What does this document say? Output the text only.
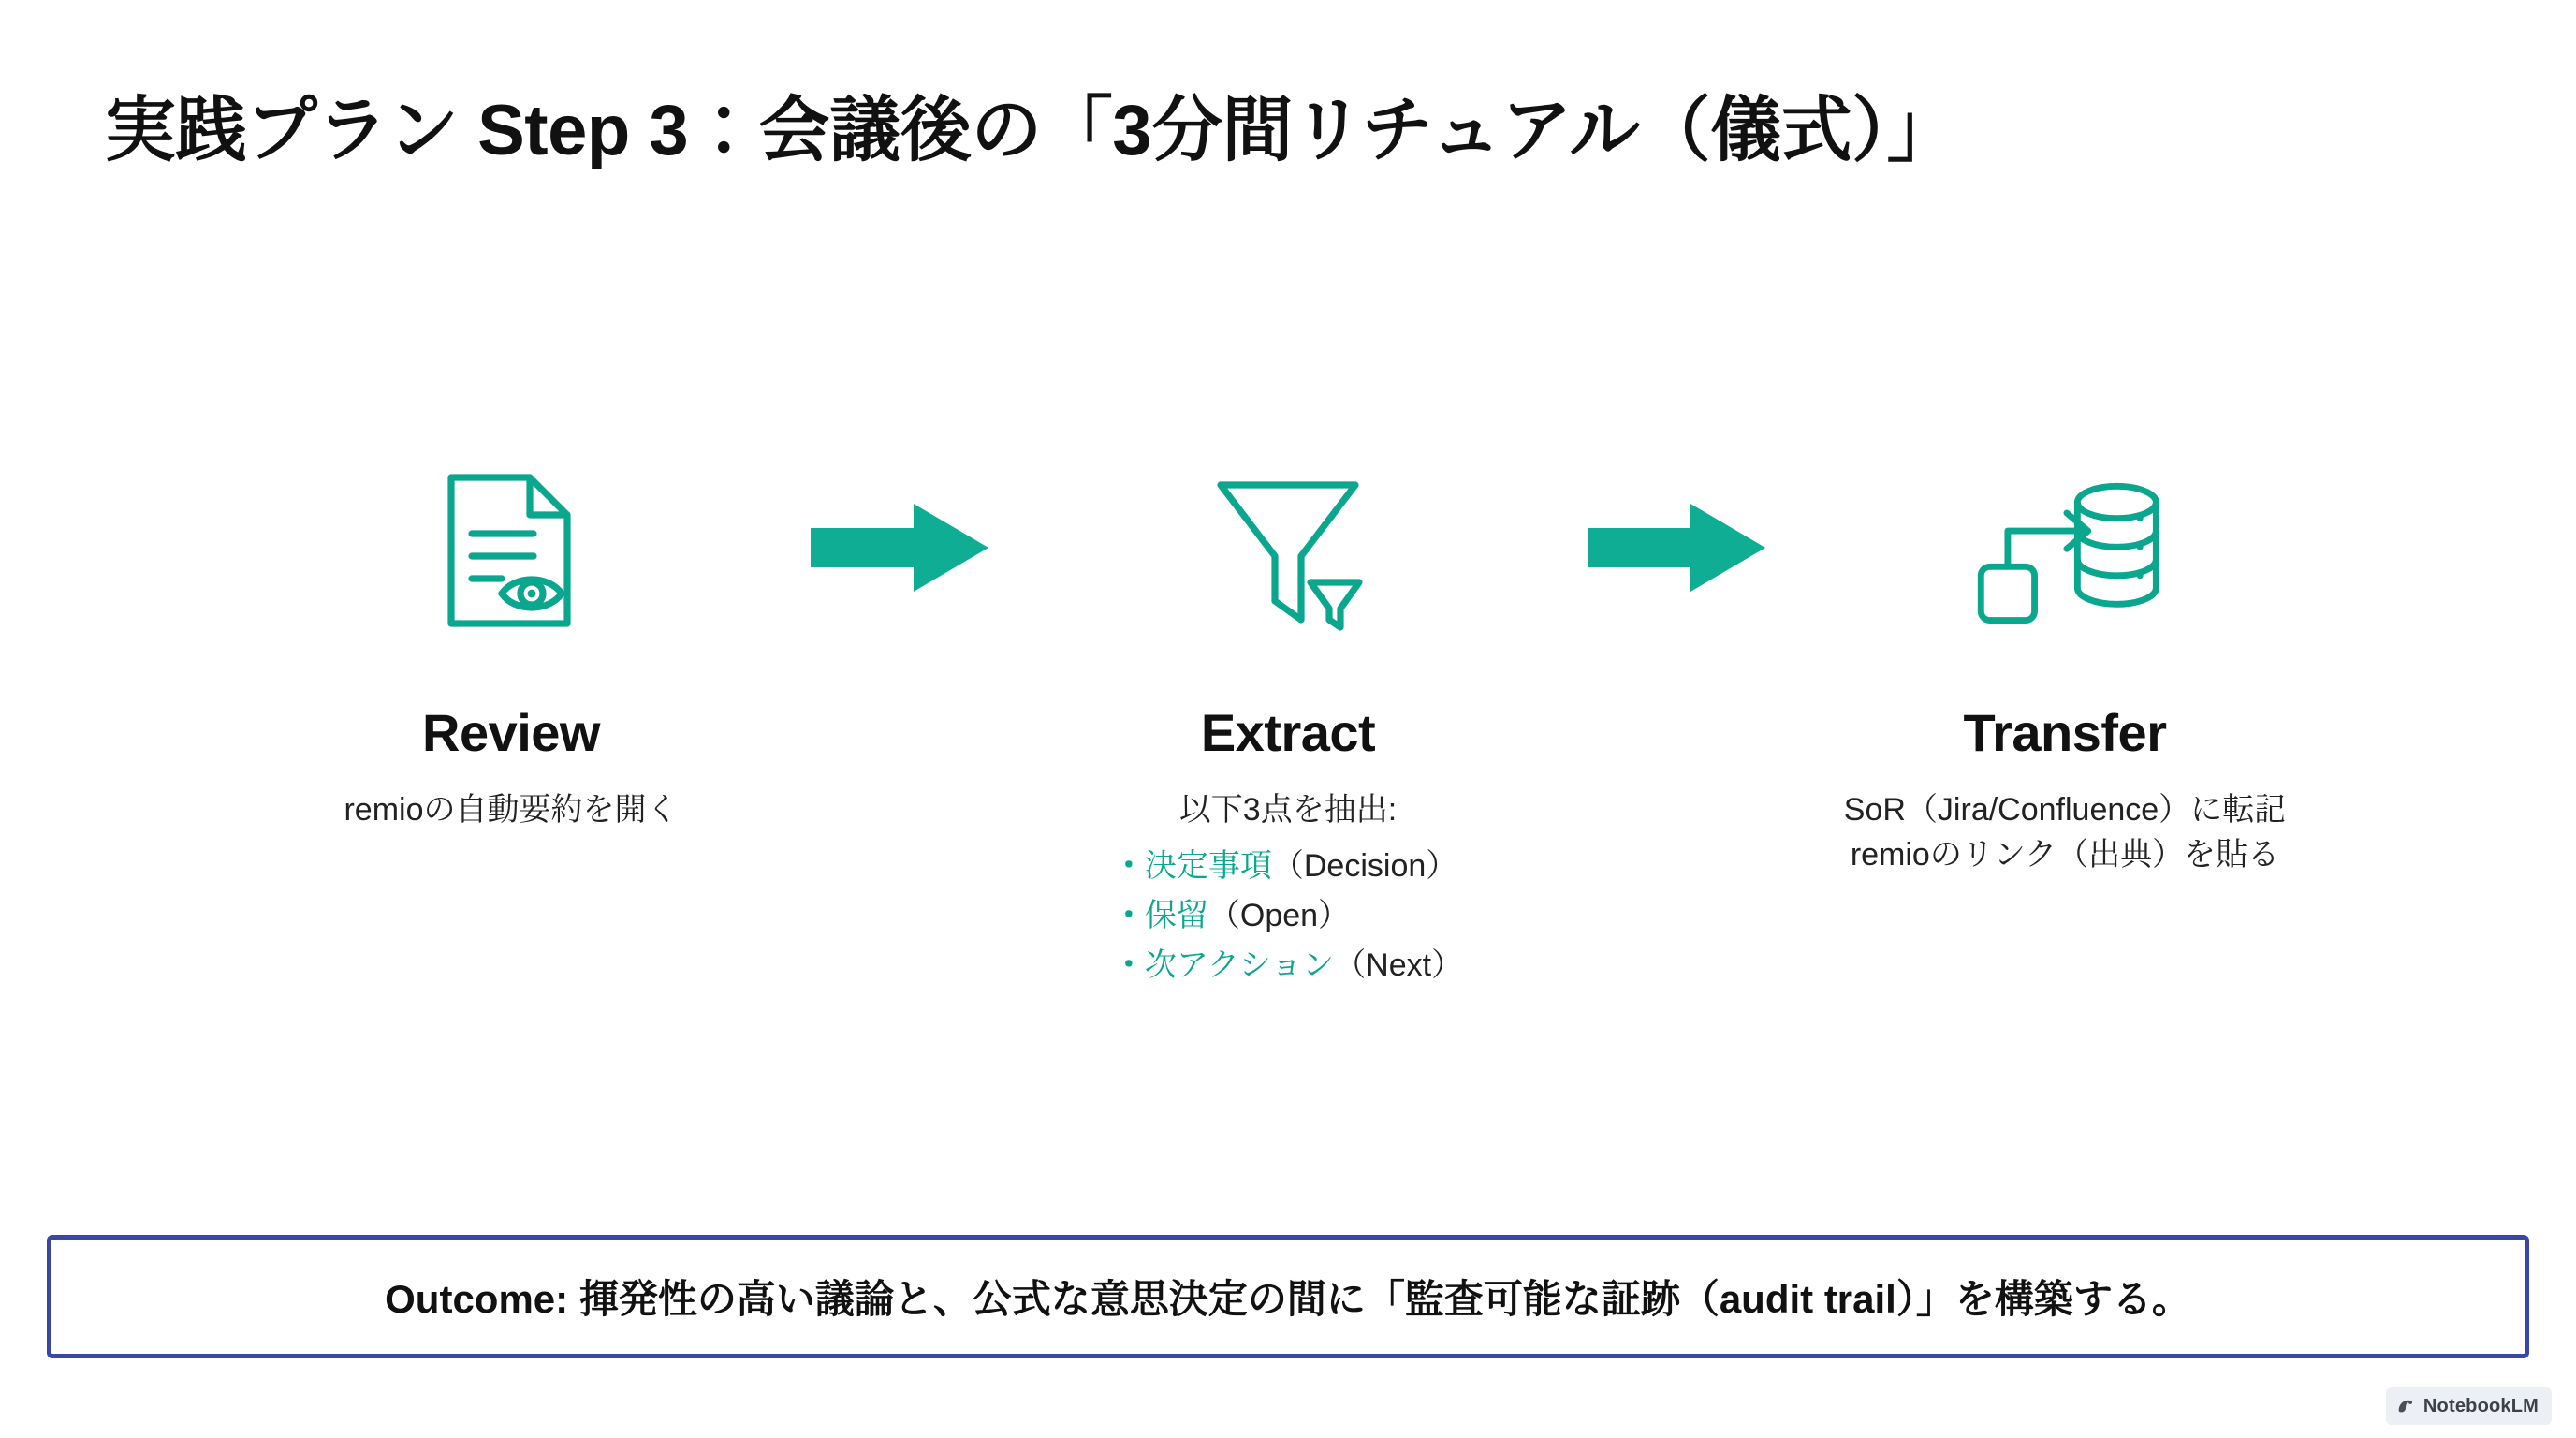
実践プラン Step 3：会議後の「3分間リチュアル（儀式）」
Review
remioの自動要約を開く
Extract
以下3点を抽出:
・決定事項（Decision）
・保留（Open）
・次アクション（Next）
Transfer
SoR（Jira/Confluence）に転記
remioのリンク（出典）を貼る
Outcome: 揮発性の高い議論と、公式な意思決定の間に「監査可能な証跡（audit trail）」を構築する。
NotebookLM
